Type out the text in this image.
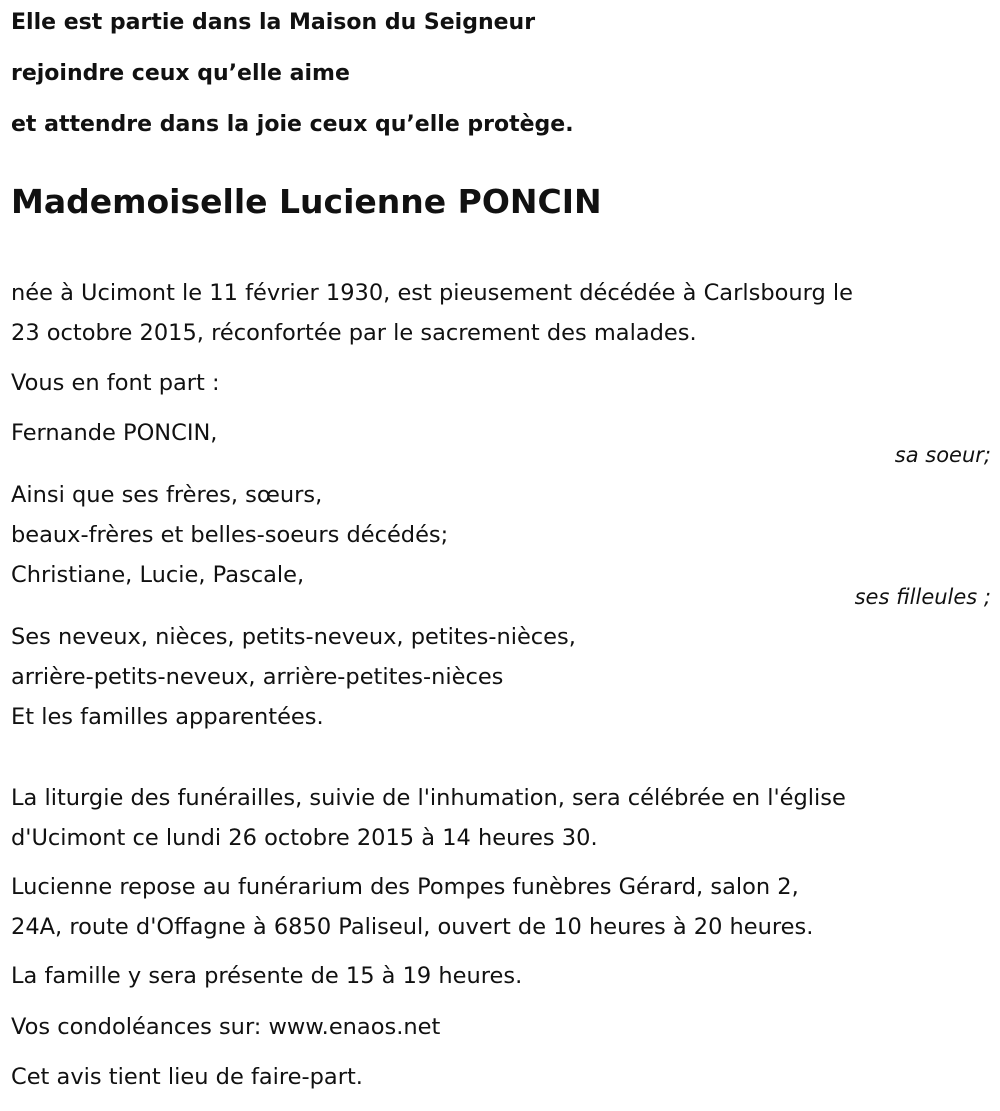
Elle est partie dans la Maison du Seigneur
rejoindre ceux qu’elle aime
et attendre dans la joie ceux qu’elle protège.
Mademoiselle Lucienne PONCIN
née à Ucimont le 11 février 1930, est pieusement décédée à Carlsbourg le
23 octobre 2015, réconfortée par le sacrement des malades.
Vous en font part :
Fernande PONCIN,
sa soeur;
Ainsi que ses frères, sœurs,
beaux-frères et belles-soeurs décédés;
Christiane, Lucie, Pascale,
ses filleules ;
Ses neveux, nièces, petits-neveux, petites-nièces,
arrière-petits-neveux, arrière-petites-nièces
Et les familles apparentées.
La liturgie des funérailles, suivie de l'inhumation, sera célébrée en l'église
d'Ucimont ce lundi 26 octobre 2015 à 14 heures 30.
Lucienne repose au funérarium des Pompes funèbres Gérard, salon 2,
24A, route d'Offagne à 6850 Paliseul, ouvert de 10 heures à 20 heures.
La famille y sera présente de 15 à 19 heures.
Vos condoléances sur: www.enaos.net
Cet avis tient lieu de faire-part.
